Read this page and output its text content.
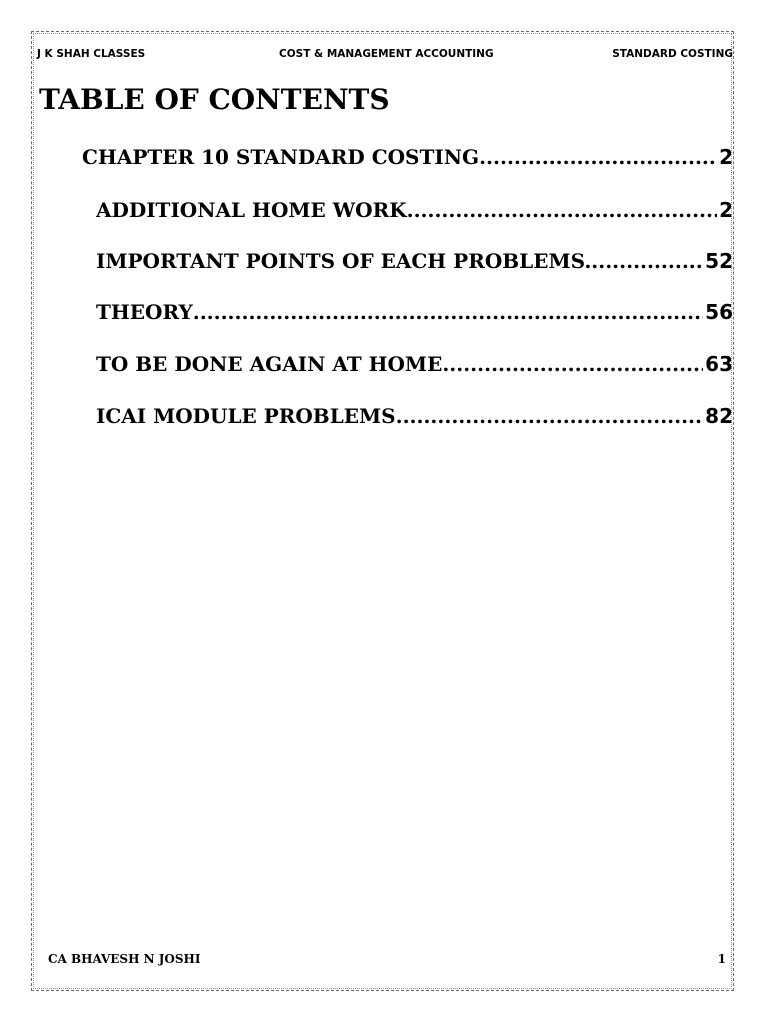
J K SHAH CLASSES	COST & MANAGEMENT ACCOUNTING	STANDARD COSTING
TABLE OF CONTENTS
CHAPTER 10 STANDARD COSTING .....	2
ADDITIONAL HOME WORK .....	2
IMPORTANT POINTS OF EACH PROBLEMS. .....	52
THEORY .....	56
TO BE DONE AGAIN AT HOME .....	63
ICAI MODULE PROBLEMS .....	82
CA BHAVESH N JOSHI	1
